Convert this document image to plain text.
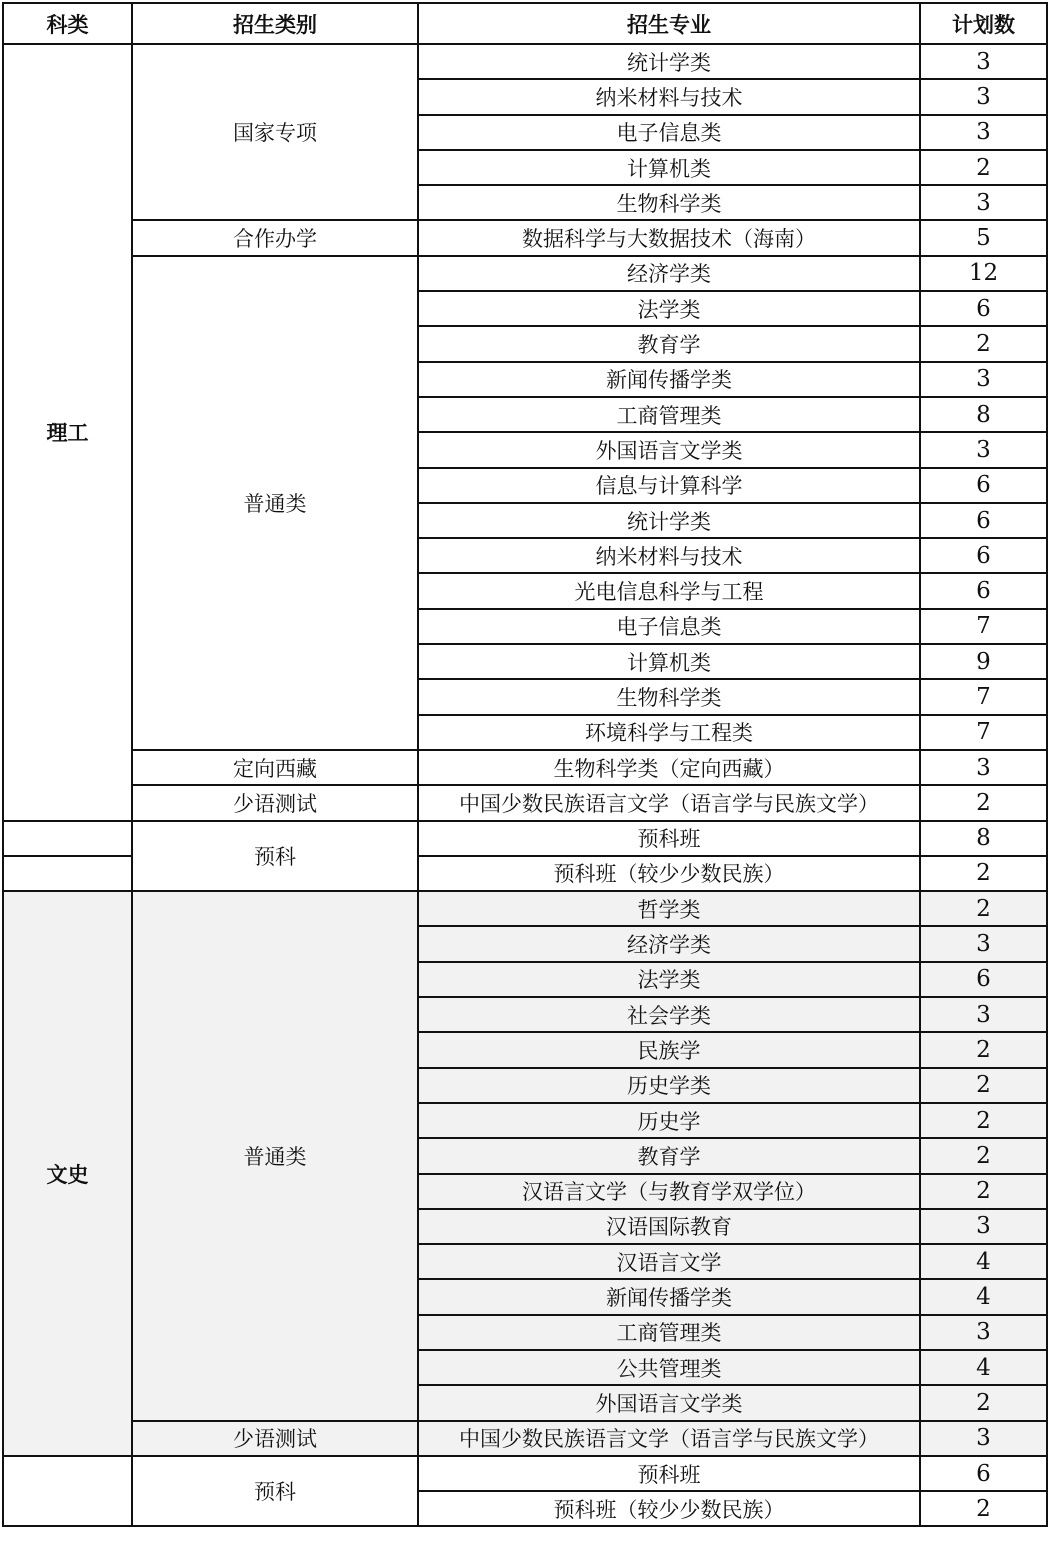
科类	招生类别	招生专业	计划数
理工	国家专项	统计学类	3
		纳米材料与技术	3
		电子信息类	3
		计算机类	2
		生物科学类	3
	合作办学	数据科学与大数据技术（海南）	5
	普通类	经济学类	12
		法学类	6
		教育学	2
		新闻传播学类	3
		工商管理类	8
		外国语言文学类	3
		信息与计算科学	6
		统计学类	6
		纳米材料与技术	6
		光电信息科学与工程	6
		电子信息类	7
		计算机类	9
		生物科学类	7
		环境科学与工程类	7
	定向西藏	生物科学类（定向西藏）	3
	少语测试	中国少数民族语言文学（语言学与民族文学）	2
	预科	预科班	8
		预科班（较少少数民族）	2
文史	普通类	哲学类	2
		经济学类	3
		法学类	6
		社会学类	3
		民族学	2
		历史学类	2
		历史学	2
		教育学	2
		汉语言文学（与教育学双学位）	2
		汉语国际教育	3
		汉语言文学	4
		新闻传播学类	4
		工商管理类	3
		公共管理类	4
		外国语言文学类	2
	少语测试	中国少数民族语言文学（语言学与民族文学）	3
	预科	预科班	6
		预科班（较少少数民族）	2
